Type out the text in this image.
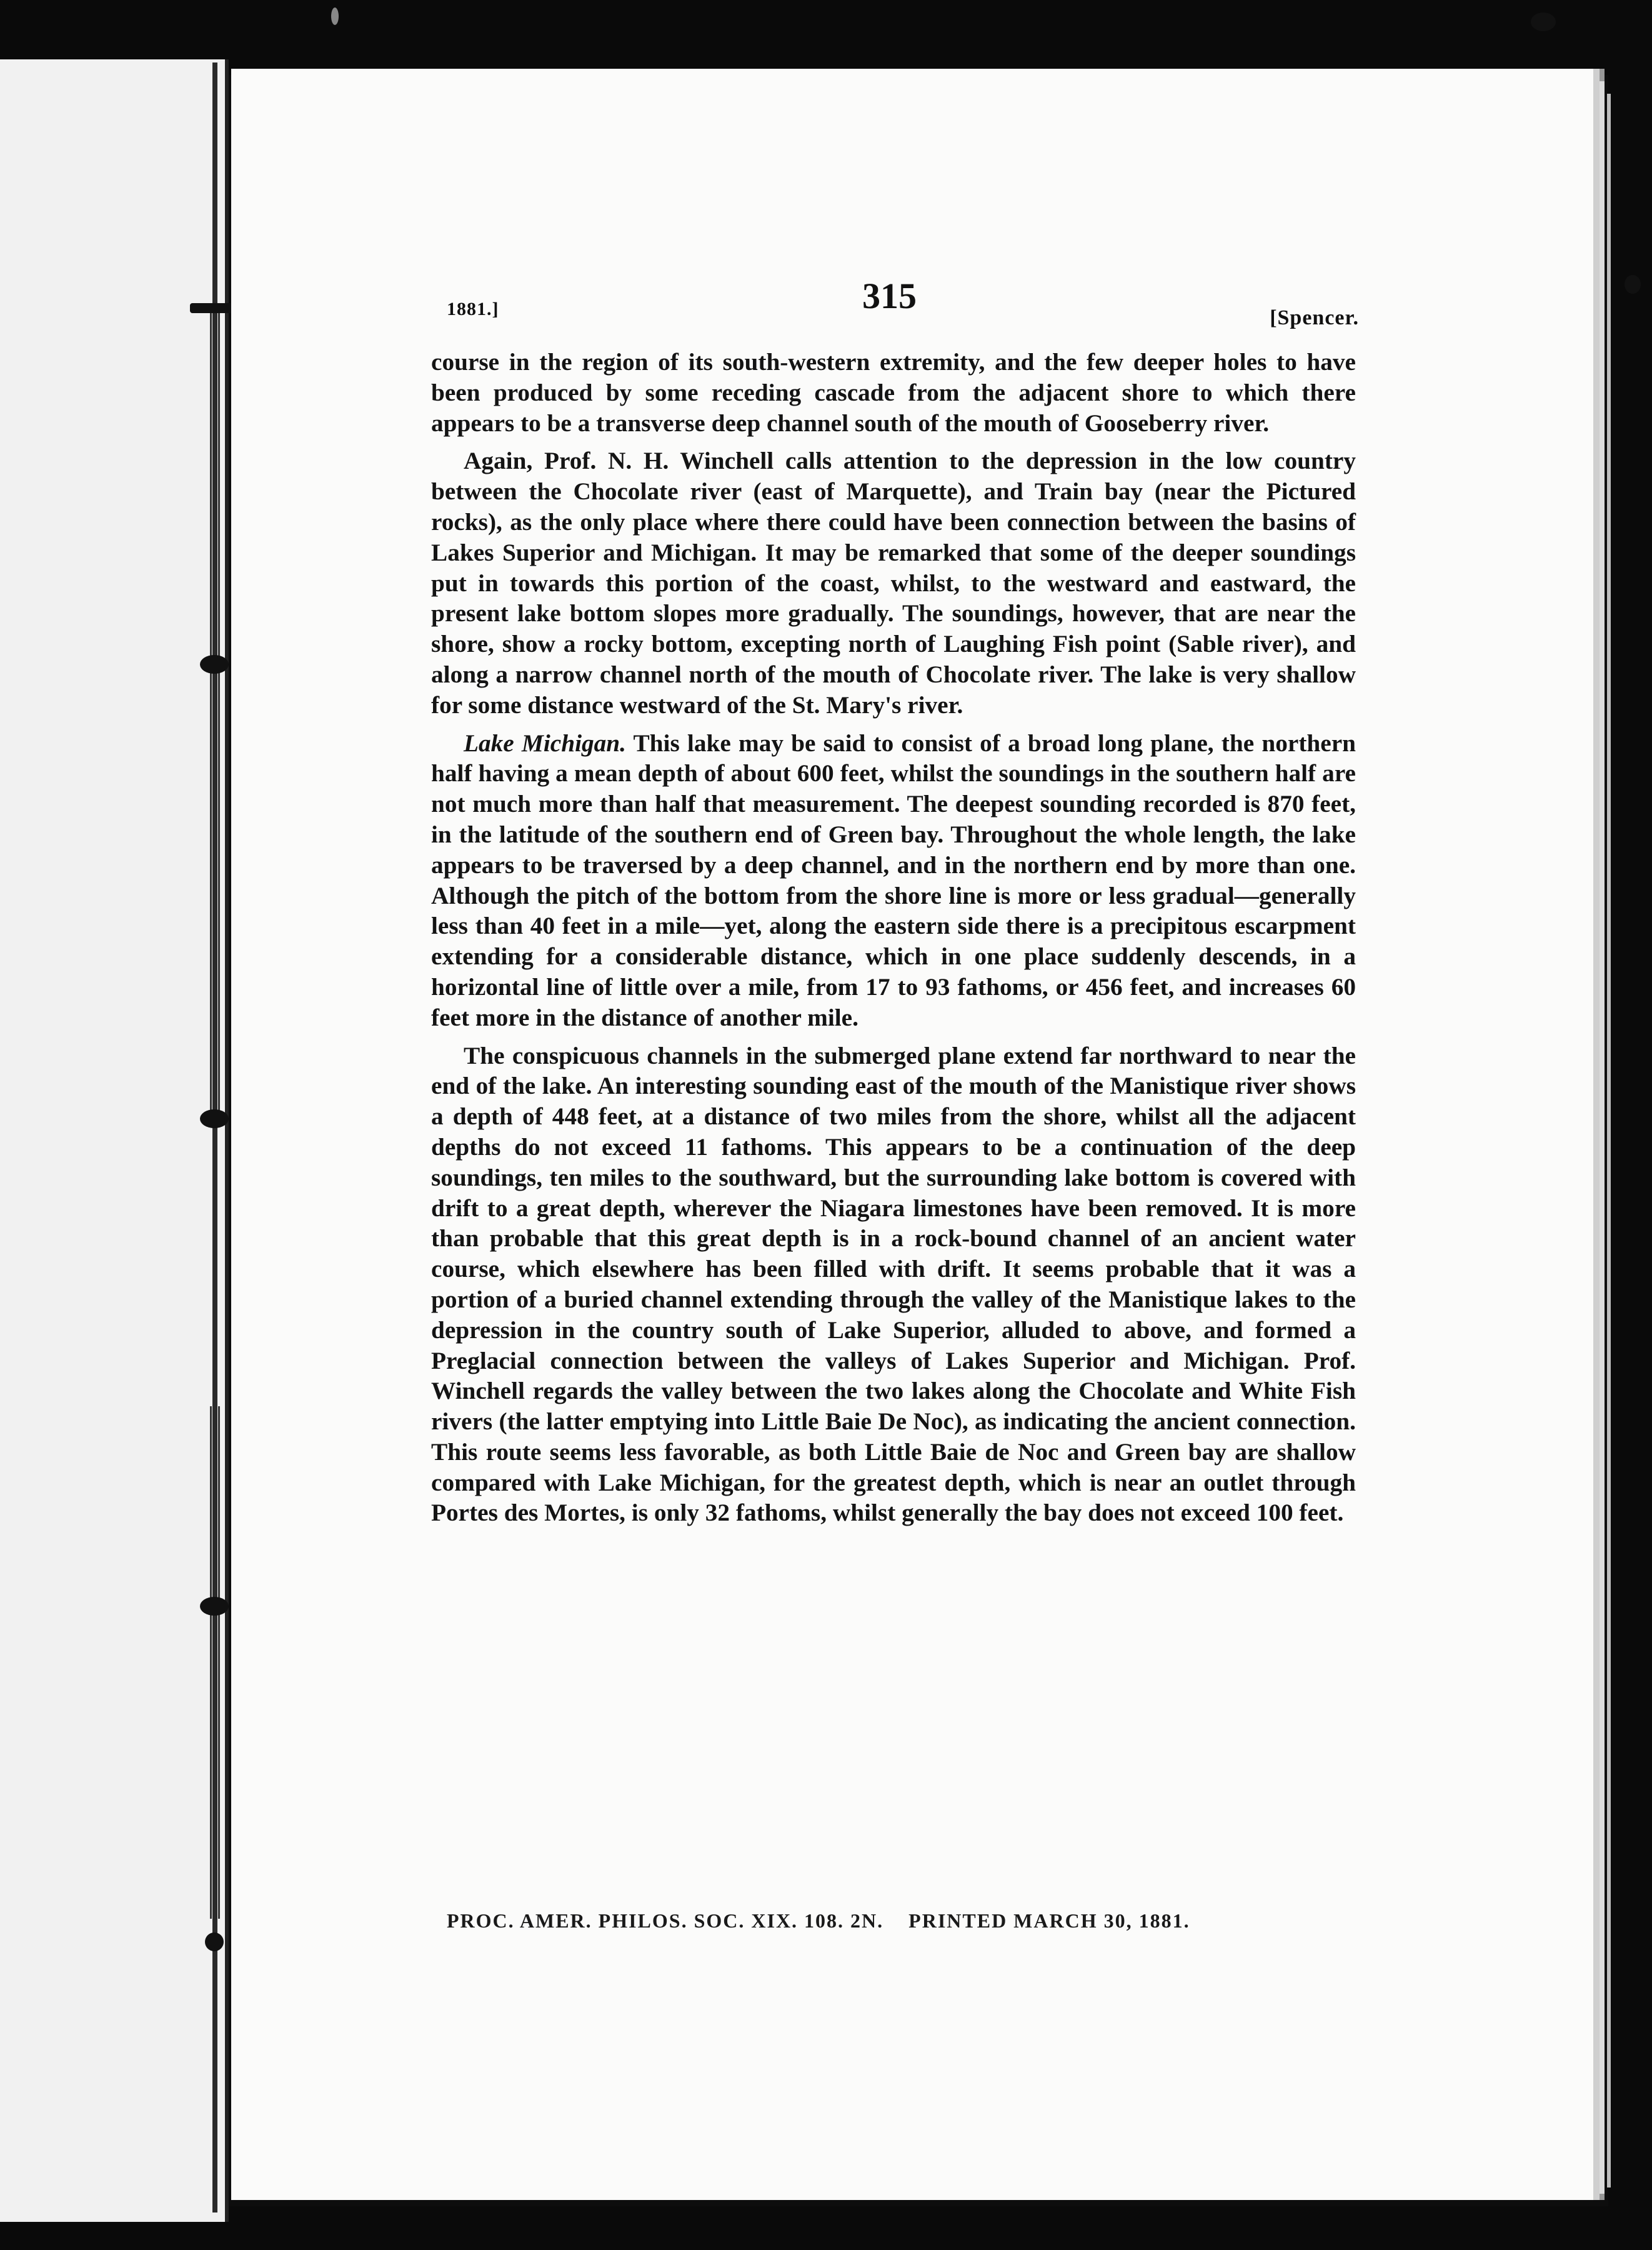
1881.]	315
[Spencer.

course in the region of its south-western extremity, and the few deeper holes to have been produced by some receding cascade from the adjacent shore to which there appears to be a transverse deep channel south of the mouth of Gooseberry river.

Again, Prof. N. H. Winchell calls attention to the depression in the low country between the Chocolate river (east of Marquette), and Train bay (near the Pictured rocks), as the only place where there could have been connection between the basins of Lakes Superior and Michigan. It may be remarked that some of the deeper soundings put in towards this portion of the coast, whilst, to the westward and eastward, the present lake bottom slopes more gradually. The soundings, however, that are near the shore, show a rocky bottom, excepting north of Laughing Fish point (Sable river), and along a narrow channel north of the mouth of Chocolate river. The lake is very shallow for some distance westward of the St. Mary's river.

Lake Michigan. This lake may be said to consist of a broad long plane, the northern half having a mean depth of about 600 feet, whilst the soundings in the southern half are not much more than half that measurement. The deepest sounding recorded is 870 feet, in the latitude of the southern end of Green bay. Throughout the whole length, the lake appears to be traversed by a deep channel, and in the northern end by more than one. Although the pitch of the bottom from the shore line is more or less gradual—generally less than 40 feet in a mile—yet, along the eastern side there is a precipitous escarpment extending for a considerable distance, which in one place suddenly descends, in a horizontal line of little over a mile, from 17 to 93 fathoms, or 456 feet, and increases 60 feet more in the distance of another mile.

The conspicuous channels in the submerged plane extend far northward to near the end of the lake. An interesting sounding east of the mouth of the Manistique river shows a depth of 448 feet, at a distance of two miles from the shore, whilst all the adjacent depths do not exceed 11 fathoms. This appears to be a continuation of the deep soundings, ten miles to the southward, but the surrounding lake bottom is covered with drift to a great depth, wherever the Niagara limestones have been removed. It is more than probable that this great depth is in a rock-bound channel of an ancient water course, which elsewhere has been filled with drift. It seems probable that it was a portion of a buried channel extending through the valley of the Manistique lakes to the depression in the country south of Lake Superior, alluded to above, and formed a Preglacial connection between the valleys of Lakes Superior and Michigan. Prof. Winchell regards the valley between the two lakes along the Chocolate and White Fish rivers (the latter emptying into Little Baie De Noc), as indicating the ancient connection. This route seems less favorable, as both Little Baie de Noc and Green bay are shallow compared with Lake Michigan, for the greatest depth, which is near an outlet through Portes des Mortes, is only 32 fathoms, whilst generally the bay does not exceed 100 feet.

PROC. AMER. PHILOS. SOC. XIX. 108. 2N. PRINTED MARCH 30, 1881.
